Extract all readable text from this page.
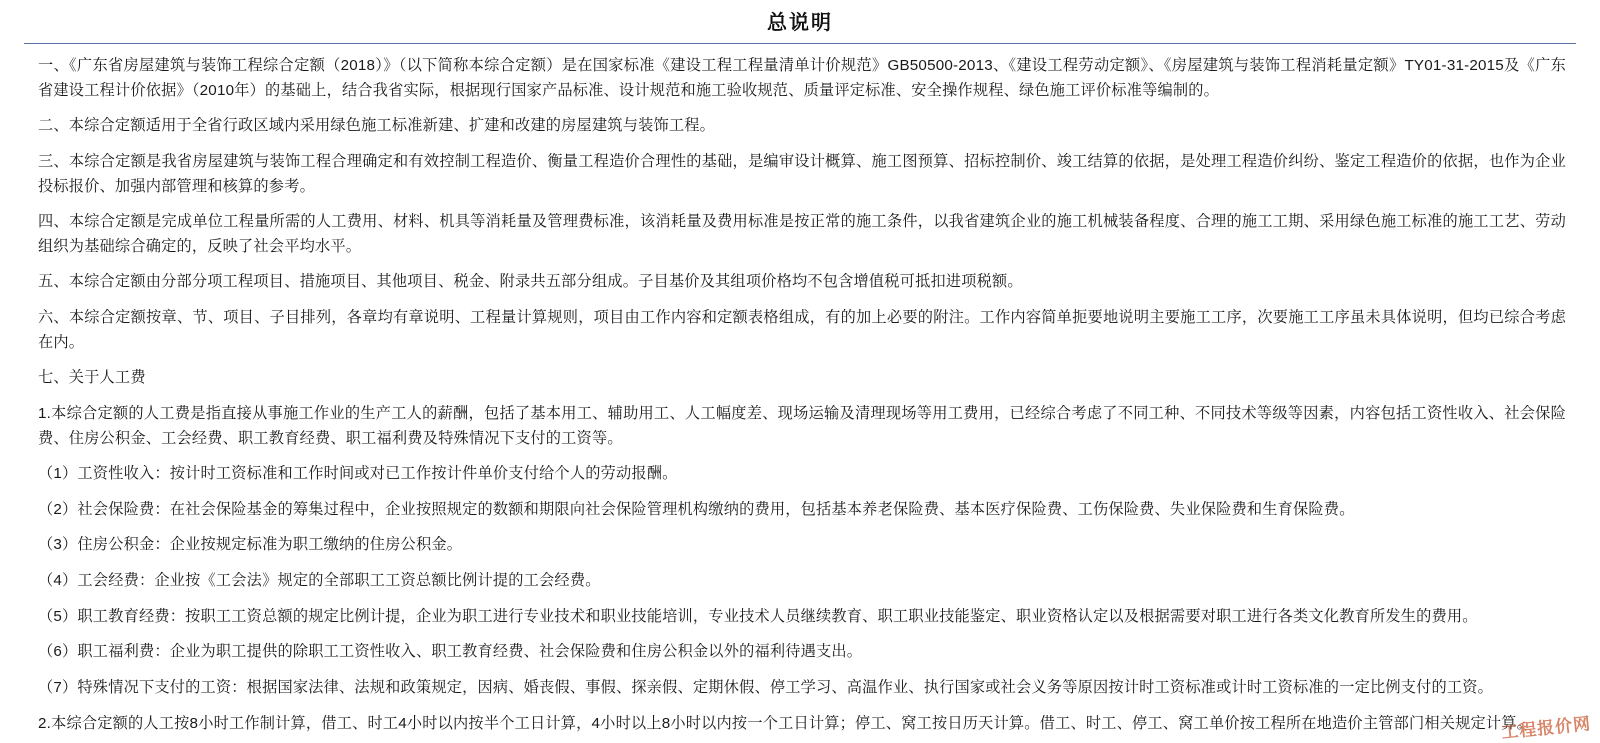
总说明

一、《广东省房屋建筑与装饰工程综合定额（2018）》（以下简称本综合定额）是在国家标准《建设工程工程量清单计价规范》GB50500-2013、《建设工程劳动定额》、《房屋建筑与装饰工程消耗量定额》TY01-31-2015及《广东省建设工程计价依据》（2010年）的基础上，结合我省实际，根据现行国家产品标准、设计规范和施工验收规范、质量评定标准、安全操作规程、绿色施工评价标准等编制的。

二、本综合定额适用于全省行政区域内采用绿色施工标准新建、扩建和改建的房屋建筑与装饰工程。

三、本综合定额是我省房屋建筑与装饰工程合理确定和有效控制工程造价、衡量工程造价合理性的基础，是编审设计概算、施工图预算、招标控制价、竣工结算的依据，是处理工程造价纠纷、鉴定工程造价的依据，也作为企业投标报价、加强内部管理和核算的参考。

四、本综合定额是完成单位工程量所需的人工费用、材料、机具等消耗量及管理费标准，该消耗量及费用标准是按正常的施工条件，以我省建筑企业的施工机械装备程度、合理的施工工期、采用绿色施工标准的施工工艺、劳动组织为基础综合确定的，反映了社会平均水平。

五、本综合定额由分部分项工程项目、措施项目、其他项目、税金、附录共五部分组成。子目基价及其组项价格均不包含增值税可抵扣进项税额。

六、本综合定额按章、节、项目、子目排列，各章均有章说明、工程量计算规则，项目由工作内容和定额表格组成，有的加上必要的附注。工作内容简单扼要地说明主要施工工序，次要施工工序虽未具体说明，但均已综合考虑在内。

七、关于人工费

1.本综合定额的人工费是指直接从事施工作业的生产工人的薪酬，包括了基本用工、辅助用工、人工幅度差、现场运输及清理现场等用工费用，已经综合考虑了不同工种、不同技术等级等因素，内容包括工资性收入、社会保险费、住房公积金、工会经费、职工教育经费、职工福利费及特殊情况下支付的工资等。

（1）工资性收入：按计时工资标准和工作时间或对已工作按计件单价支付给个人的劳动报酬。

（2）社会保险费：在社会保险基金的筹集过程中，企业按照规定的数额和期限向社会保险管理机构缴纳的费用，包括基本养老保险费、基本医疗保险费、工伤保险费、失业保险费和生育保险费。

（3）住房公积金：企业按规定标准为职工缴纳的住房公积金。

（4）工会经费：企业按《工会法》规定的全部职工工资总额比例计提的工会经费。

（5）职工教育经费：按职工工资总额的规定比例计提，企业为职工进行专业技术和职业技能培训，专业技术人员继续教育、职工职业技能鉴定、职业资格认定以及根据需要对职工进行各类文化教育所发生的费用。

（6）职工福利费：企业为职工提供的除职工工资性收入、职工教育经费、社会保险费和住房公积金以外的福利待遇支出。

（7）特殊情况下支付的工资：根据国家法律、法规和政策规定，因病、婚丧假、事假、探亲假、定期休假、停工学习、高温作业、执行国家或社会义务等原因按计时工资标准或计时工资标准的一定比例支付的工资。

2.本综合定额的人工按8小时工作制计算，借工、时工4小时以内按半个工日计算，4小时以上8小时以内按一个工日计算；停工、窝工按日历天计算。借工、时工、停工、窝工单价按工程所在地造价主管部门相关规定计算。

工程报价网
